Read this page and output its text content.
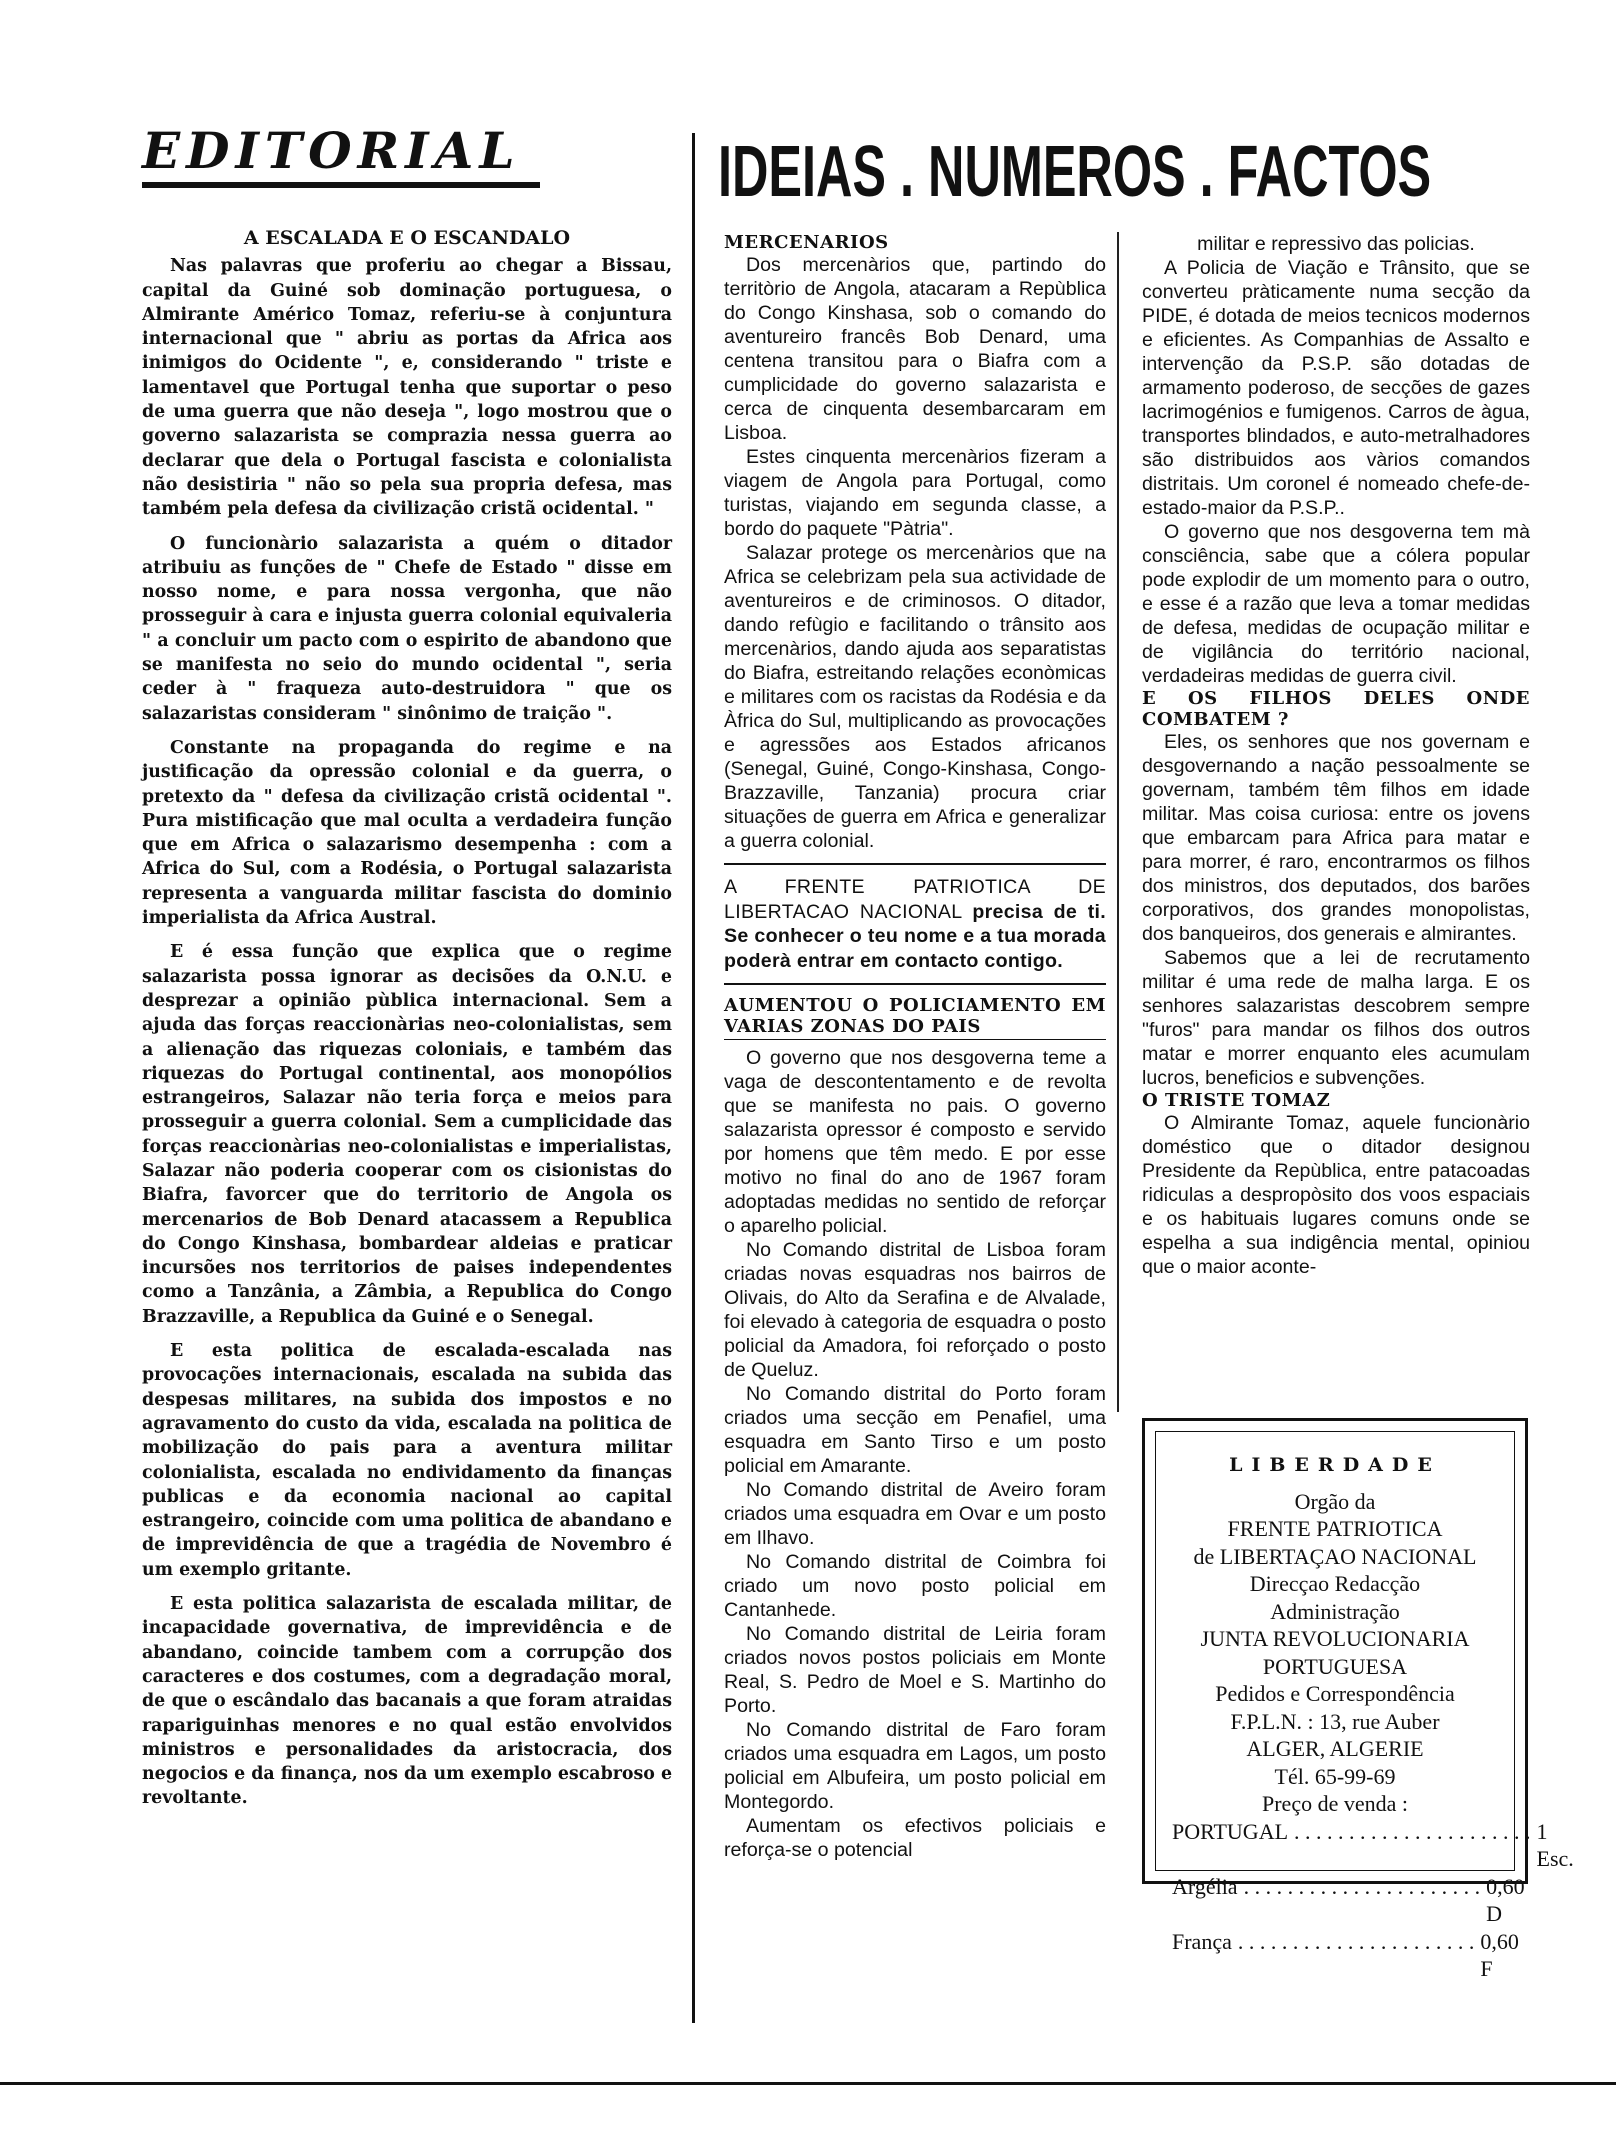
EDITORIAL
A ESCALADA E O ESCANDALO

Nas palavras que proferiu ao chegar a Bissau, capital da Guiné sob dominação portuguesa, o Almirante Américo Tomaz, referiu-se à conjuntura internacional que " abriu as portas da Africa aos inimigos do Ocidente ", e, considerando " triste e lamentavel que Portugal tenha que suportar o peso de uma guerra que não deseja ", logo mostrou que o governo salazarista se comprazia nessa guerra ao declarar que dela o Portugal fascista e colonialista não desistiria " não so pela sua propria defesa, mas também pela defesa da civilização cristã ocidental. "

O funcionàrio salazarista a quém o ditador atribuiu as funções de " Chefe de Estado " disse em nosso nome, e para nossa vergonha, que não prosseguir à cara e injusta guerra colonial equivaleria " a concluir um pacto com o espirito de abandono que se manifesta no seio do mundo ocidental ", seria ceder à " fraqueza auto-destruidora " que os salazaristas consideram " sinônimo de traição ".

Constante na propaganda do regime e na justificação da opressão colonial e da guerra, o pretexto da " defesa da civilização cristã ocidental ". Pura mistificação que mal oculta a verdadeira função que em Africa o salazarismo desempenha : com a Africa do Sul, com a Rodésia, o Portugal salazarista representa a vanguarda militar fascista do dominio imperialista da Africa Austral.

E é essa função que explica que o regime salazarista possa ignorar as decisões da O.N.U. e desprezar a opinião pùblica internacional. Sem a ajuda das forças reaccionàrias neo-colonialistas, sem a alienação das riquezas coloniais, e também das riquezas do Portugal continental, aos monopólios estrangeiros, Salazar não teria força e meios para prosseguir a guerra colonial. Sem a cumplicidade das forças reaccionàrias neo-colonialistas e imperialistas, Salazar não poderia cooperar com os cisionistas do Biafra, favorcer que do territorio de Angola os mercenarios de Bob Denard atacassem a Republica do Congo Kinshasa, bombardear aldeias e praticar incursões nos territorios de paises independentes como a Tanzânia, a Zâmbia, a Republica do Congo Brazzaville, a Republica da Guiné e o Senegal.

E esta politica de escalada-escalada nas provocações internacionais, escalada na subida das despesas militares, na subida dos impostos e no agravamento do custo da vida, escalada na politica de mobilização do pais para a aventura militar colonialista, escalada no endividamento da finanças publicas e da economia nacional ao capital estrangeiro, coincide com uma politica de abandano e de imprevidência de que a tragédia de Novembro é um exemplo gritante.

E esta politica salazarista de escalada militar, de incapacidade governativa, de imprevidência e de abandano, coincide tambem com a corrupção dos caracteres e dos costumes, com a degradação moral, de que o escândalo das bacanais a que foram atraidas rapariguinhas menores e no qual estão envolvidos ministros e personalidades da aristocracia, dos negocios e da finança, nos da um exemplo escabroso e revoltante.

IDEIAS . NUMEROS . FACTOS

MERCENARIOS

Dos mercenàrios que, partindo do territòrio de Angola, atacaram a Repùblica do Congo Kinshasa, sob o comando do aventureiro francês Bob Denard, uma centena transitou para o Biafra com a cumplicidade do governo salazarista e cerca de cinquenta desembarcaram em Lisboa.

Estes cinquenta mercenàrios fizeram a viagem de Angola para Portugal, como turistas, viajando em segunda classe, a bordo do paquete "Pàtria".

Salazar protege os mercenàrios que na Africa se celebrizam pela sua actividade de aventureiros e de criminosos. O ditador, dando refùgio e facilitando o trânsito aos mercenàrios, dando ajuda aos separatistas do Biafra, estreitando relações econòmicas e militares com os racistas da Rodésia e da Àfrica do Sul, multiplicando as provocações e agressões aos Estados africanos (Senegal, Guiné, Congo-Kinshasa, Congo-Brazzaville, Tanzania) procura criar situações de guerra em Africa e generalizar a guerra colonial.

A FRENTE PATRIOTICA DE LIBERTACAO NACIONAL precisa de ti. Se conhecer o teu nome e a tua morada poderà entrar em contacto contigo.

AUMENTOU O POLICIAMENTO EM VARIAS ZONAS DO PAIS

O governo que nos desgoverna teme a vaga de descontentamento e de revolta que se manifesta no pais. O governo salazarista opressor é composto e servido por homens que têm medo. E por esse motivo no final do ano de 1967 foram adoptadas medidas no sentido de reforçar o aparelho policial.

No Comando distrital de Lisboa foram criadas novas esquadras nos bairros de Olivais, do Alto da Serafina e de Alvalade, foi elevado à categoria de esquadra o posto policial da Amadora, foi reforçado o posto de Queluz.

No Comando distrital do Porto foram criados uma secção em Penafiel, uma esquadra em Santo Tirso e um posto policial em Amarante.

No Comando distrital de Aveiro foram criados uma esquadra em Ovar e um posto em Ilhavo.

No Comando distrital de Coimbra foi criado um novo posto policial em Cantanhede.

No Comando distrital de Leiria foram criados novos postos policiais em Monte Real, S. Pedro de Moel e S. Martinho do Porto.

No Comando distrital de Faro foram criados uma esquadra em Lagos, um posto policial em Albufeira, um posto policial em Montegordo.

Aumentam os efectivos policiais e reforça-se o potencial

militar e repressivo das policias.

A Policia de Viação e Trânsito, que se converteu pràticamente numa secção da PIDE, é dotada de meios tecnicos modernos e eficientes. As Companhias de Assalto e intervenção da P.S.P. são dotadas de armamento poderoso, de secções de gazes lacrimogénios e fumigenos. Carros de àgua, transportes blindados, e auto-metralhadores são distribuidos aos vàrios comandos distritais. Um coronel é nomeado chefe-de-estado-maior da P.S.P..

O governo que nos desgoverna tem mà consciência, sabe que a cólera popular pode explodir de um momento para o outro, e esse é a razão que leva a tomar medidas de defesa, medidas de ocupação militar e de vigilância do território nacional, verdadeiras medidas de guerra civil.

E OS FILHOS DELES ONDE COMBATEM ?

Eles, os senhores que nos governam e desgovernando a nação pessoalmente se governam, também têm filhos em idade militar. Mas coisa curiosa: entre os jovens que embarcam para Africa para matar e para morrer, é raro, encontrarmos os filhos dos ministros, dos deputados, dos barões corporativos, dos grandes monopolistas, dos banqueiros, dos generais e almirantes.

Sabemos que a lei de recrutamento militar é uma rede de malha larga. E os senhores salazaristas descobrem sempre "furos" para mandar os filhos dos outros matar e morrer enquanto eles acumulam lucros, beneficios e subvenções.

O TRISTE TOMAZ

O Almirante Tomaz, aquele funcionàrio doméstico que o ditador designou Presidente da Repùblica, entre patacoadas ridiculas a despropòsito dos voos espaciais e os habituais lugares comuns onde se espelha a sua indigência mental, opiniou que o maior aconte-

LIBERDADE
Orgão da
FRENTE PATRIOTICA
de LIBERTAÇAO NACIONAL
Direcçao Redacção
Administração
JUNTA REVOLUCIONARIA
PORTUGUESA
Pedidos e Correspondência
F.P.L.N. : 13, rue Auber
ALGER, ALGERIE
Tél. 65-99-69
Preço de venda :
PORTUGAL . . . . . . . . . . . . . . . . . . . . . . 1 Esc.
Argélia . . . . . . . . . . . . . . . . . . . . . . 0,60 D
França . . . . . . . . . . . . . . . . . . . . . . 0,60 F
